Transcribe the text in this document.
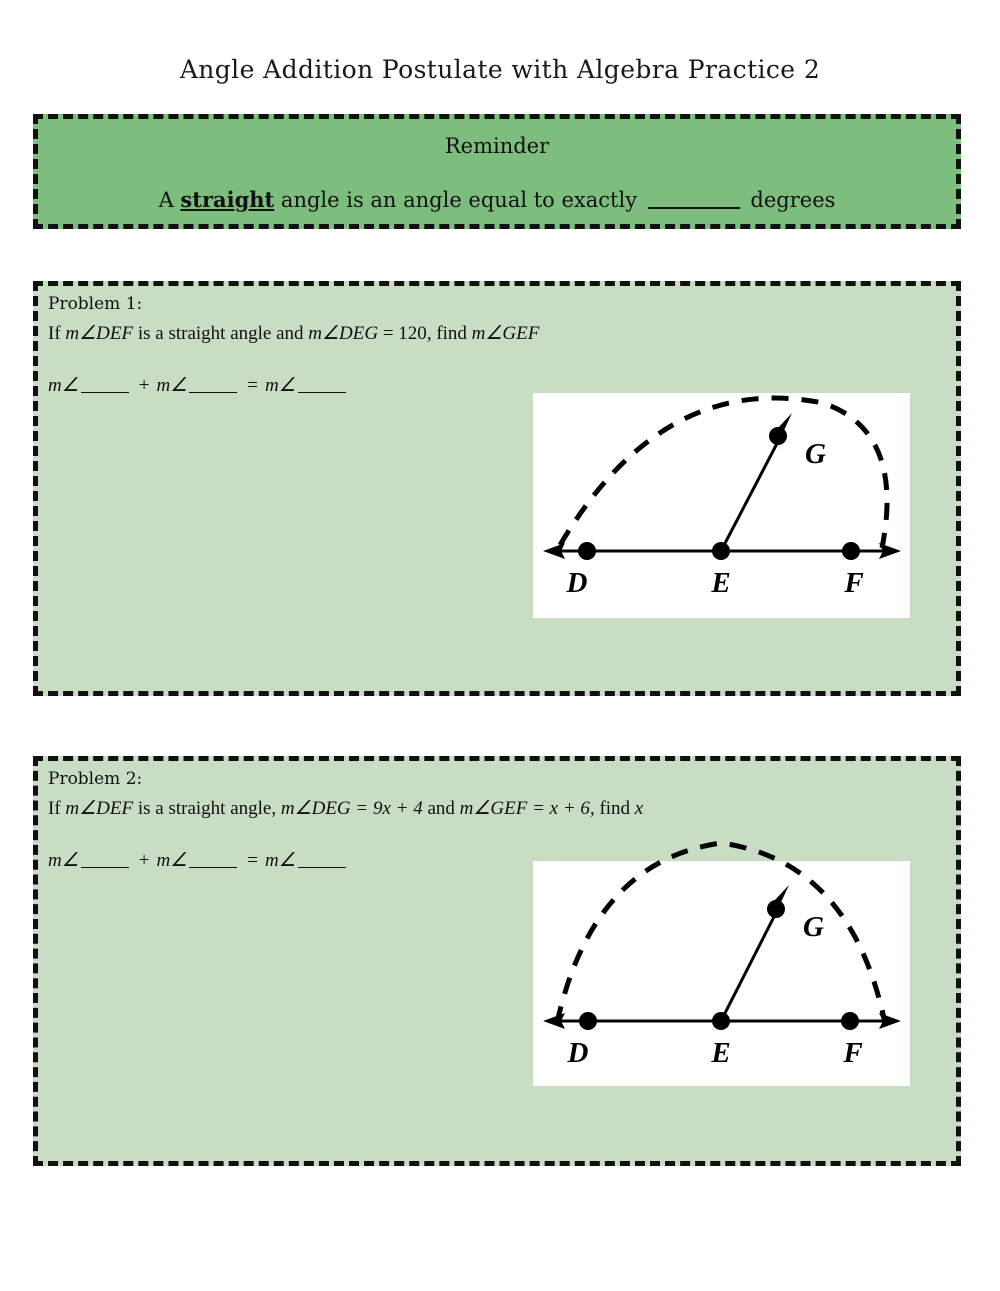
Angle Addition Postulate with Algebra Practice 2
Reminder
A straight angle is an angle equal to exactly	degrees
Problem 1:
If m∠DEF is a straight angle and m∠DEG = 120, find m∠GEF
m∠	+ m∠	= m∠
D	E	F
G
Problem 2:
If m∠DEF is a straight angle, m∠DEG = 9x + 4 and m∠GEF = x + 6, find x
m∠	+ m∠	= m∠
D	E	F
G
